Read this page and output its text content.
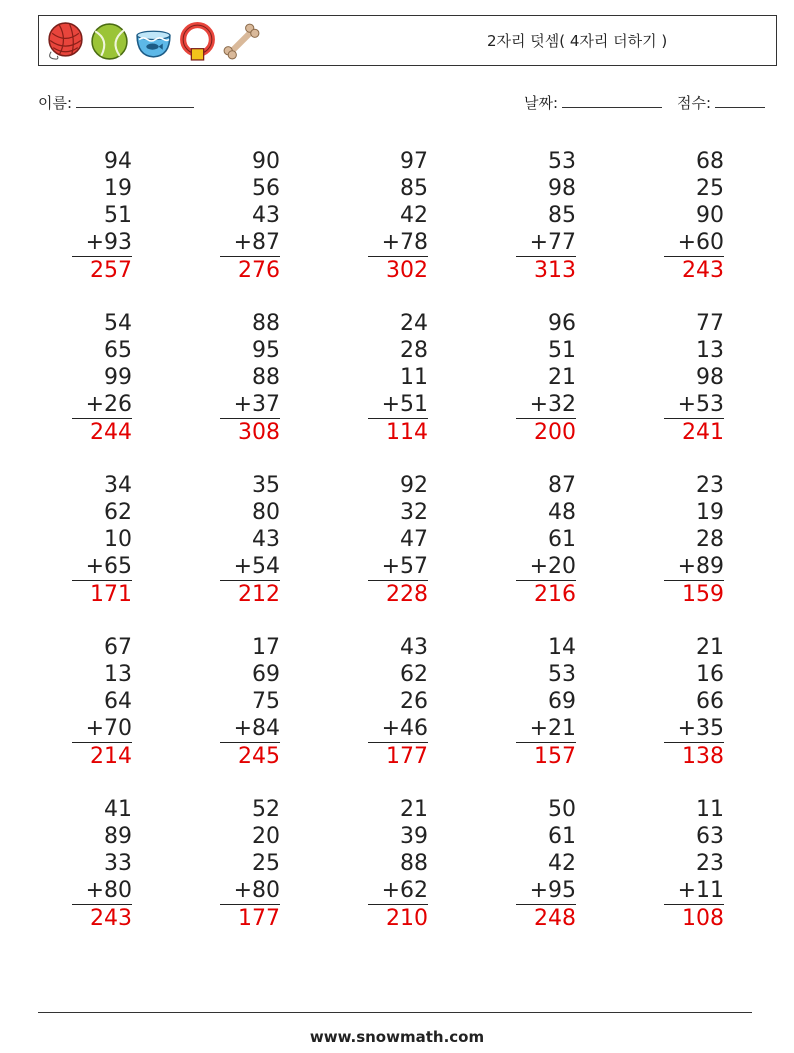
2자리 덧셈( 4자리 더하기 )
이름:	날짜:	점수:
94
19
51
+93
257
90
56
43
+87
276
97
85
42
+78
302
53
98
85
+77
313
68
25
90
+60
243
54
65
99
+26
244
88
95
88
+37
308
24
28
11
+51
114
96
51
21
+32
200
77
13
98
+53
241
34
62
10
+65
171
35
80
43
+54
212
92
32
47
+57
228
87
48
61
+20
216
23
19
28
+89
159
67
13
64
+70
214
17
69
75
+84
245
43
62
26
+46
177
14
53
69
+21
157
21
16
66
+35
138
41
89
33
+80
243
52
20
25
+80
177
21
39
88
+62
210
50
61
42
+95
248
11
63
23
+11
108
www.snowmath.com
